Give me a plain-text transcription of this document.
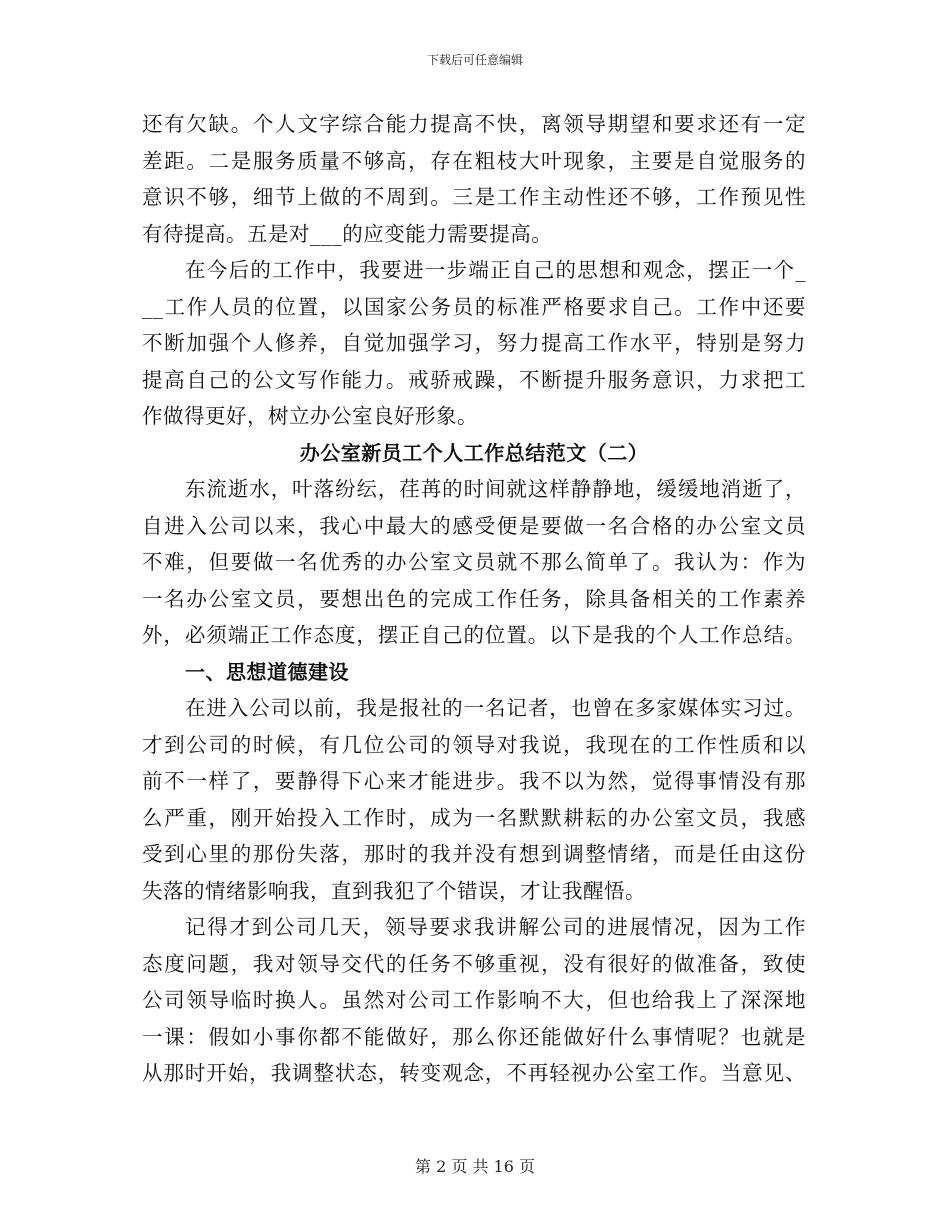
下载后可任意编辑
还有欠缺。个人文字综合能力提高不快，离领导期望和要求还有一定
差距。二是服务质量不够高，存在粗枝大叶现象，主要是自觉服务的
意识不够，细节上做的不周到。三是工作主动性还不够，工作预见性
有待提高。五是对___的应变能力需要提高。
在今后的工作中，我要进一步端正自己的思想和观念，摆正一个_
__工作人员的位置，以国家公务员的标准严格要求自己。工作中还要
不断加强个人修养，自觉加强学习，努力提高工作水平，特别是努力
提高自己的公文写作能力。戒骄戒躁，不断提升服务意识，力求把工
作做得更好，树立办公室良好形象。
办公室新员工个人工作总结范文（二）
东流逝水，叶落纷纭，荏苒的时间就这样静静地，缓缓地消逝了，
自进入公司以来，我心中最大的感受便是要做一名合格的办公室文员
不难，但要做一名优秀的办公室文员就不那么简单了。我认为：作为
一名办公室文员，要想出色的完成工作任务，除具备相关的工作素养
外，必须端正工作态度，摆正自己的位置。以下是我的个人工作总结。
一、思想道德建设
在进入公司以前，我是报社的一名记者，也曾在多家媒体实习过。
才到公司的时候，有几位公司的领导对我说，我现在的工作性质和以
前不一样了，要静得下心来才能进步。我不以为然，觉得事情没有那
么严重，刚开始投入工作时，成为一名默默耕耘的办公室文员，我感
受到心里的那份失落，那时的我并没有想到调整情绪，而是任由这份
失落的情绪影响我，直到我犯了个错误，才让我醒悟。
记得才到公司几天，领导要求我讲解公司的进展情况，因为工作
态度问题，我对领导交代的任务不够重视，没有很好的做准备，致使
公司领导临时换人。虽然对公司工作影响不大，但也给我上了深深地
一课：假如小事你都不能做好，那么你还能做好什么事情呢？也就是
从那时开始，我调整状态，转变观念，不再轻视办公室工作。当意见、
第 2 页 共 16 页
